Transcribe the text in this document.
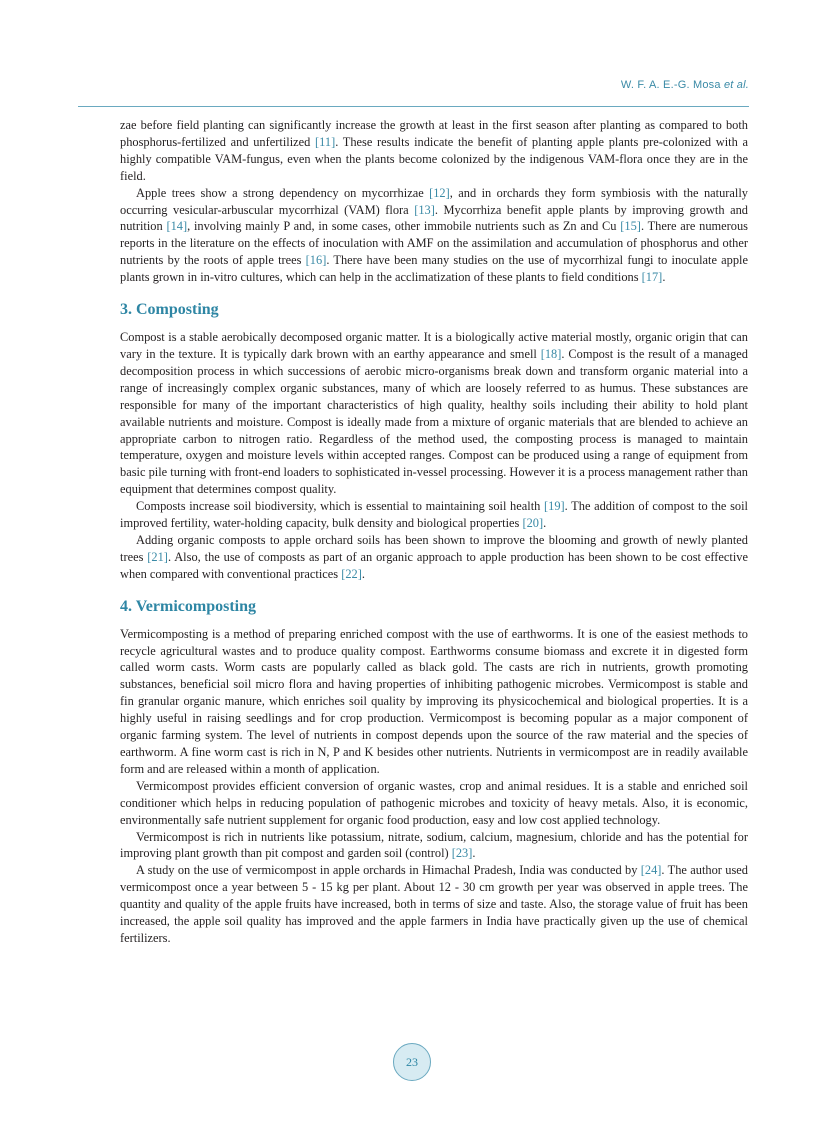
W. F. A. E.-G. Mosa et al.

zae before field planting can significantly increase the growth at least in the first season after planting as compared to both phosphorus-fertilized and unfertilized [11]. These results indicate the benefit of planting apple plants pre-colonized with a highly compatible VAM-fungus, even when the plants become colonized by the indigenous VAM-flora once they are in the field.

Apple trees show a strong dependency on mycorrhizae [12], and in orchards they form symbiosis with the naturally occurring vesicular-arbuscular mycorrhizal (VAM) flora [13]. Mycorrhiza benefit apple plants by improving growth and nutrition [14], involving mainly P and, in some cases, other immobile nutrients such as Zn and Cu [15]. There are numerous reports in the literature on the effects of inoculation with AMF on the assimilation and accumulation of phosphorus and other nutrients by the roots of apple trees [16]. There have been many studies on the use of mycorrhizal fungi to inoculate apple plants grown in in-vitro cultures, which can help in the acclimatization of these plants to field conditions [17].

3. Composting

Compost is a stable aerobically decomposed organic matter. It is a biologically active material mostly, organic origin that can vary in the texture. It is typically dark brown with an earthy appearance and smell [18]. Compost is the result of a managed decomposition process in which successions of aerobic micro-organisms break down and transform organic material into a range of increasingly complex organic substances, many of which are loosely referred to as humus. These substances are responsible for many of the important characteristics of high quality, healthy soils including their ability to hold plant available nutrients and moisture. Compost is ideally made from a mixture of organic materials that are blended to achieve an appropriate carbon to nitrogen ratio. Regardless of the method used, the composting process is managed to maintain temperature, oxygen and moisture levels within accepted ranges. Compost can be produced using a range of equipment from basic pile turning with front-end loaders to sophisticated in-vessel processing. However it is a process management rather than equipment that determines compost quality.

Composts increase soil biodiversity, which is essential to maintaining soil health [19]. The addition of compost to the soil improved fertility, water-holding capacity, bulk density and biological properties [20].

Adding organic composts to apple orchard soils has been shown to improve the blooming and growth of newly planted trees [21]. Also, the use of composts as part of an organic approach to apple production has been shown to be cost effective when compared with conventional practices [22].

4. Vermicomposting

Vermicomposting is a method of preparing enriched compost with the use of earthworms. It is one of the easiest methods to recycle agricultural wastes and to produce quality compost. Earthworms consume biomass and excrete it in digested form called worm casts. Worm casts are popularly called as black gold. The casts are rich in nutrients, growth promoting substances, beneficial soil micro flora and having properties of inhibiting pathogenic microbes. Vermicompost is stable and fin granular organic manure, which enriches soil quality by improving its physicochemical and biological properties. It is a highly useful in raising seedlings and for crop production. Vermicompost is becoming popular as a major component of organic farming system. The level of nutrients in compost depends upon the source of the raw material and the species of earthworm. A fine worm cast is rich in N, P and K besides other nutrients. Nutrients in vermicompost are in readily available form and are released within a month of application.

Vermicompost provides efficient conversion of organic wastes, crop and animal residues. It is a stable and enriched soil conditioner which helps in reducing population of pathogenic microbes and toxicity of heavy metals. Also, it is economic, environmentally safe nutrient supplement for organic food production, easy and low cost applied technology.

Vermicompost is rich in nutrients like potassium, nitrate, sodium, calcium, magnesium, chloride and has the potential for improving plant growth than pit compost and garden soil (control) [23].

A study on the use of vermicompost in apple orchards in Himachal Pradesh, India was conducted by [24]. The author used vermicompost once a year between 5 - 15 kg per plant. About 12 - 30 cm growth per year was observed in apple trees. The quantity and quality of the apple fruits have increased, both in terms of size and taste. Also, the storage value of fruit has been increased, the apple soil quality has improved and the apple farmers in India have practically given up the use of chemical fertilizers.

23
